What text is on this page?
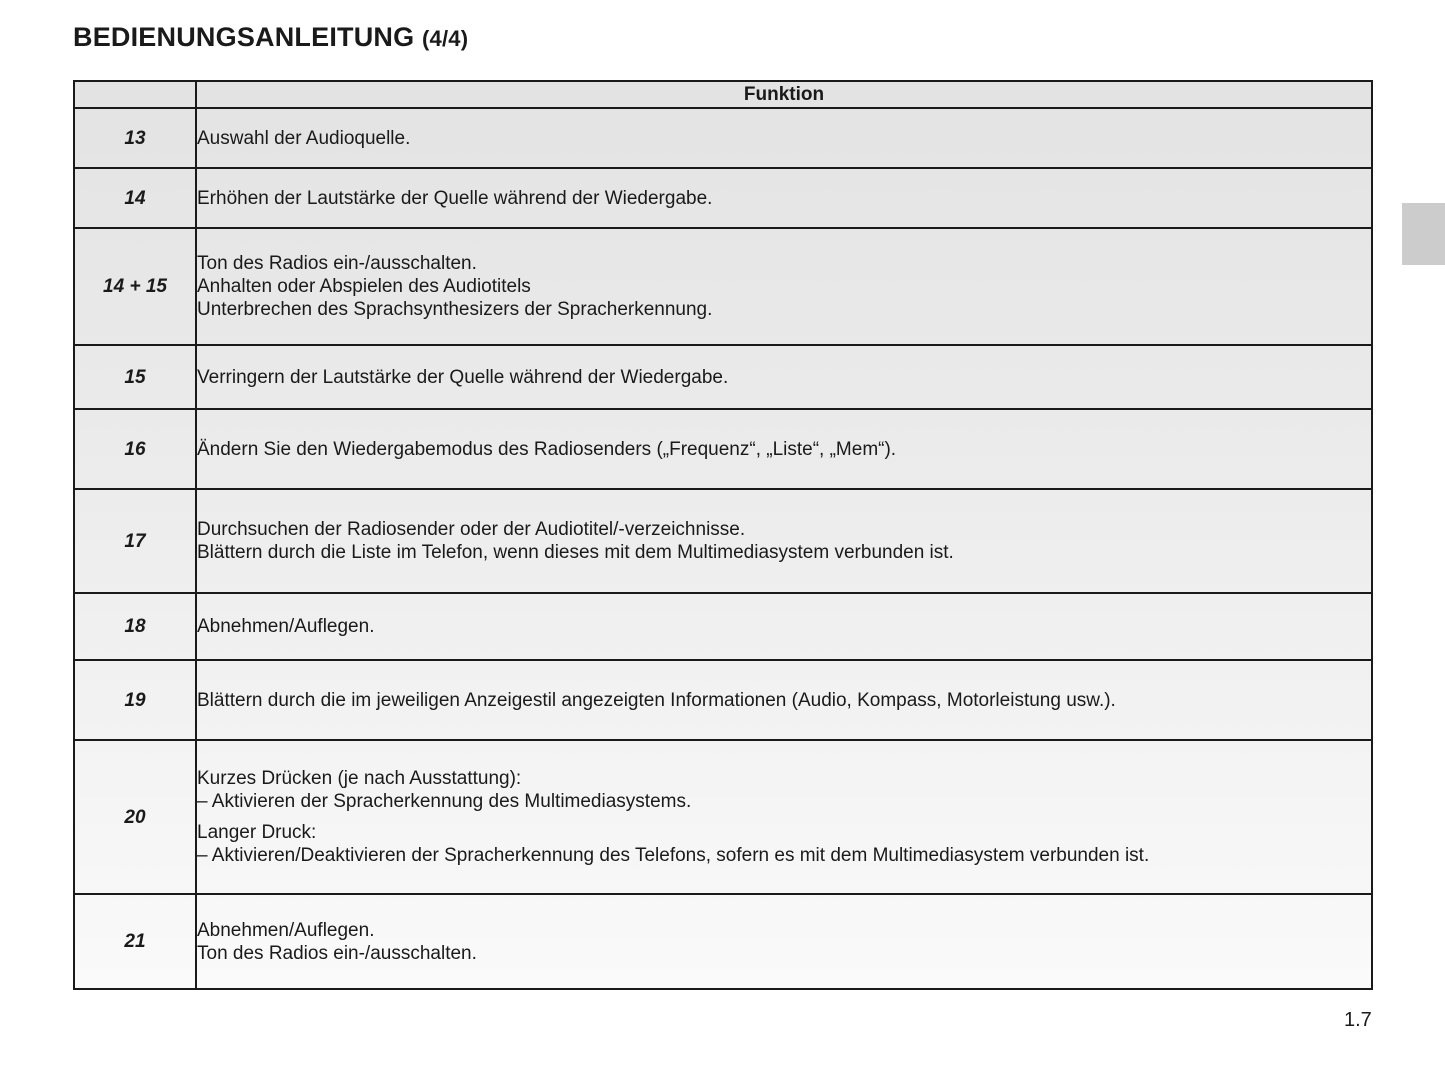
BEDIENUNGSANLEITUNG (4/4)
	Funktion
13	Auswahl der Audioquelle.

14	Erhöhen der Lautstärke der Quelle während der Wiedergabe.

14 + 15	Ton des Radios ein-/ausschalten.
Anhalten oder Abspielen des Audiotitels
Unterbrechen des Sprachsynthesizers der Spracherkennung.

15	Verringern der Lautstärke der Quelle während der Wiedergabe.

16	Ändern Sie den Wiedergabemodus des Radiosenders („Frequenz“, „Liste“, „Mem“).

17	Durchsuchen der Radiosender oder der Audiotitel/-verzeichnisse.
Blättern durch die Liste im Telefon, wenn dieses mit dem Multimediasystem verbunden ist.

18	Abnehmen/Auflegen.

19	Blättern durch die im jeweiligen Anzeigestil angezeigten Informationen (Audio, Kompass, Motorleistung usw.).

20	Kurzes Drücken (je nach Ausstattung):
– Aktivieren der Spracherkennung des Multimediasystems.
Langer Druck:
– Aktivieren/Deaktivieren der Spracherkennung des Telefons, sofern es mit dem Multimediasystem verbunden ist.

21	Abnehmen/Auflegen.
Ton des Radios ein-/ausschalten.
1.7
